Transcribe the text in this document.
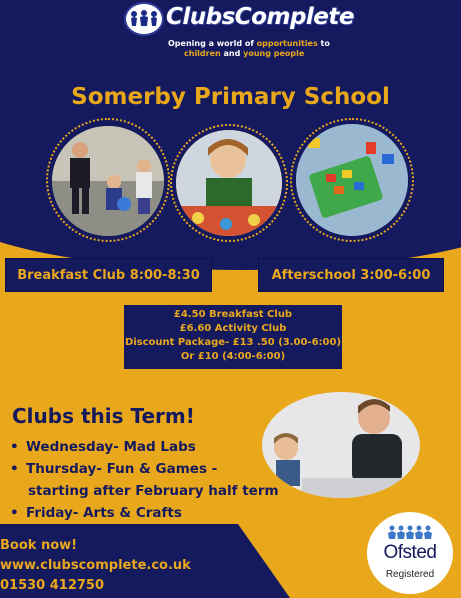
ClubsComplete
Opening a world of opportunities to
children and young people
Somerby Primary School
Breakfast Club 8:00-8:30	Afterschool 3:00-6:00
£4.50 Breakfast Club
£6.60 Activity Club
Discount Package- £13 .50 (3.00-6:00)
Or £10 (4:00-6:00)
Clubs this Term!
• Wednesday- Mad Labs
• Thursday- Fun & Games -
starting after February half term
• Friday- Arts & Crafts
Book now!
www.clubscomplete.co.uk
01530 412750
Ofsted
Registered
